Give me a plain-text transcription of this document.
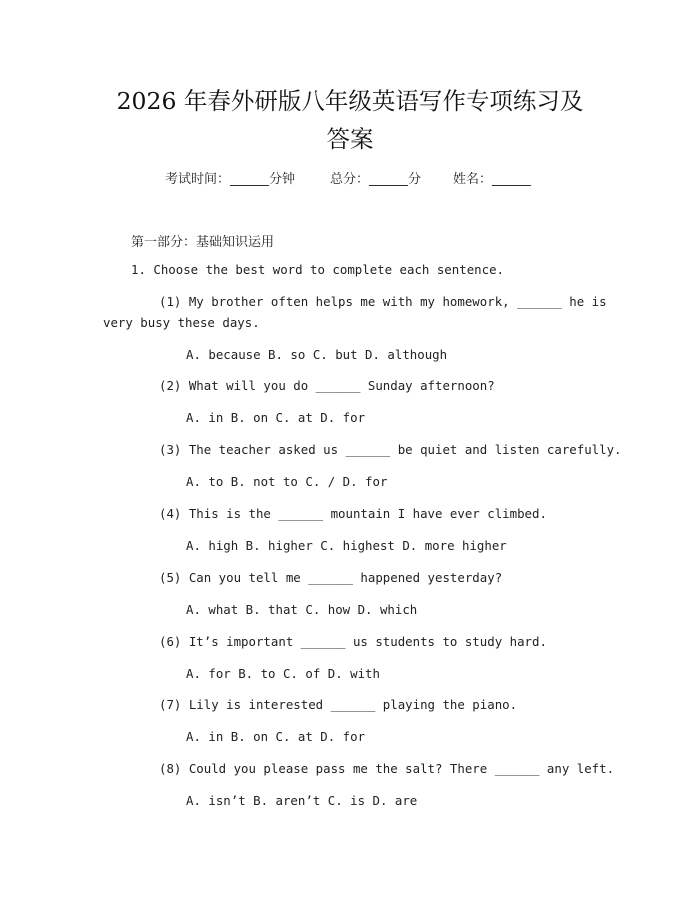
2026 年春外研版八年级英语写作专项练习及
答案
考试时间：______分钟	总分：______分 姓名：______
第一部分：基础知识运用
1. Choose the best word to complete each sentence.
(1) My brother often helps me with my homework, ______ he is
very busy these days.
A. because B. so C. but D. although
(2) What will you do ______ Sunday afternoon?
A. in B. on C. at D. for
(3) The teacher asked us ______ be quiet and listen carefully.
A. to B. not to C. / D. for
(4) This is the ______ mountain I have ever climbed.
A. high B. higher C. highest D. more higher
(5) Can you tell me ______ happened yesterday?
A. what B. that C. how D. which
(6) It’s important ______ us students to study hard.
A. for B. to C. of D. with
(7) Lily is interested ______ playing the piano.
A. in B. on C. at D. for
(8) Could you please pass me the salt? There ______ any left.
A. isn’t B. aren’t C. is D. are
